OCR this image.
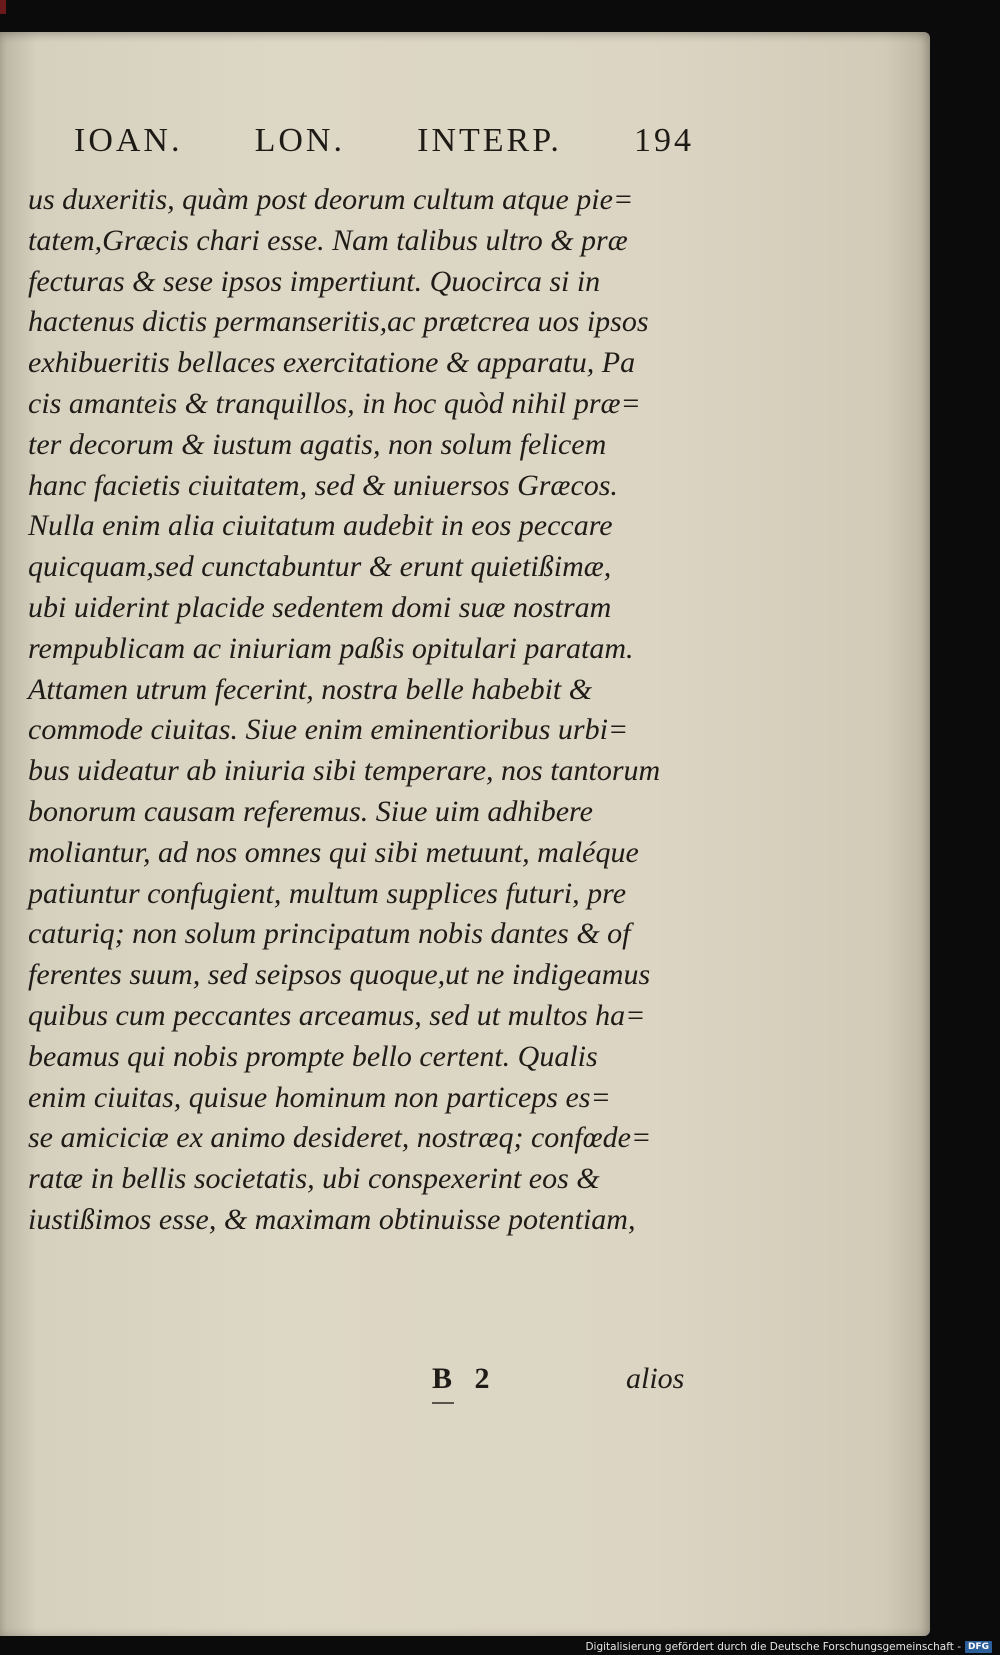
IOAN. LON. INTERP. 194
us duxeritis, quàm post deorum cultum atque pie=
tatem,Græcis chari esse. Nam talibus ultro & præ
fecturas & sese ipsos impertiunt. Quocirca si in
hactenus dictis permanseritis,ac prætcrea uos ipsos
exhibueritis bellaces exercitatione & apparatu, Pa
cis amanteis & tranquillos, in hoc quòd nihil præ=
ter decorum & iustum agatis, non solum felicem
hanc facietis ciuitatem, sed & uniuersos Græcos.
Nulla enim alia ciuitatum audebit in eos peccare
quicquam,sed cunctabuntur & erunt quietißimæ,
ubi uiderint placide sedentem domi suæ nostram
rempublicam ac iniuriam paßis opitulari paratam.
Attamen utrum fecerint, nostra belle habebit &
commode ciuitas. Siue enim eminentioribus urbi=
bus uideatur ab iniuria sibi temperare, nos tantorum
bonorum causam referemus. Siue uim adhibere
moliantur, ad nos omnes qui sibi metuunt, maléque
patiuntur confugient, multum supplices futuri, pre
caturiq; non solum principatum nobis dantes & of
ferentes suum, sed seipsos quoque,ut ne indigeamus
quibus cum peccantes arceamus, sed ut multos ha=
beamus qui nobis prompte bello certent. Qualis
enim ciuitas, quisue hominum non particeps es=
se amiciciæ ex animo desideret, nostræq; confœde=
ratæ in bellis societatis, ubi conspexerint eos &
iustißimos esse, & maximam obtinuisse potentiam,
B 2	alios
Digitalisierung gefördert durch die Deutsche Forschungsgemeinschaft - DFG
